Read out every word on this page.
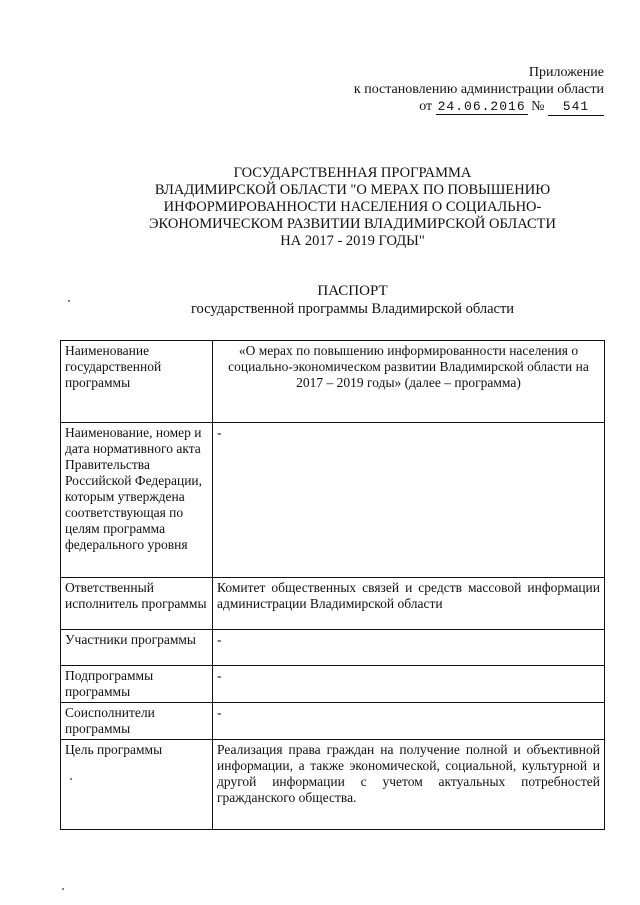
Приложение
к постановлению администрации области
от 24.06.2016 № 541
ГОСУДАРСТВЕННАЯ ПРОГРАММА
ВЛАДИМИРСКОЙ ОБЛАСТИ "О МЕРАХ ПО ПОВЫШЕНИЮ
ИНФОРМИРОВАННОСТИ НАСЕЛЕНИЯ О СОЦИАЛЬНО-
ЭКОНОМИЧЕСКОМ РАЗВИТИИ ВЛАДИМИРСКОЙ ОБЛАСТИ
НА 2017 - 2019 ГОДЫ"
ПАСПОРТ
государственной программы Владимирской области
Наименование государственной программы	«О мерах по повышению информированности населения о социально-экономическом развитии Владимирской области на 2017 – 2019 годы» (далее – программа)
Наименование, номер и дата нормативного акта Правительства Российской Федерации, которым утверждена соответствующая по целям программа федерального уровня	-
Ответственный исполнитель программы	Комитет общественных связей и средств массовой информации администрации Владимирской области
Участники программы	-
Подпрограммы программы	-
Соисполнители программы	-
Цель программы	Реализация права граждан на получение полной и объективной информации, а также экономической, социальной, культурной и другой информации с учетом актуальных потребностей гражданского общества.
